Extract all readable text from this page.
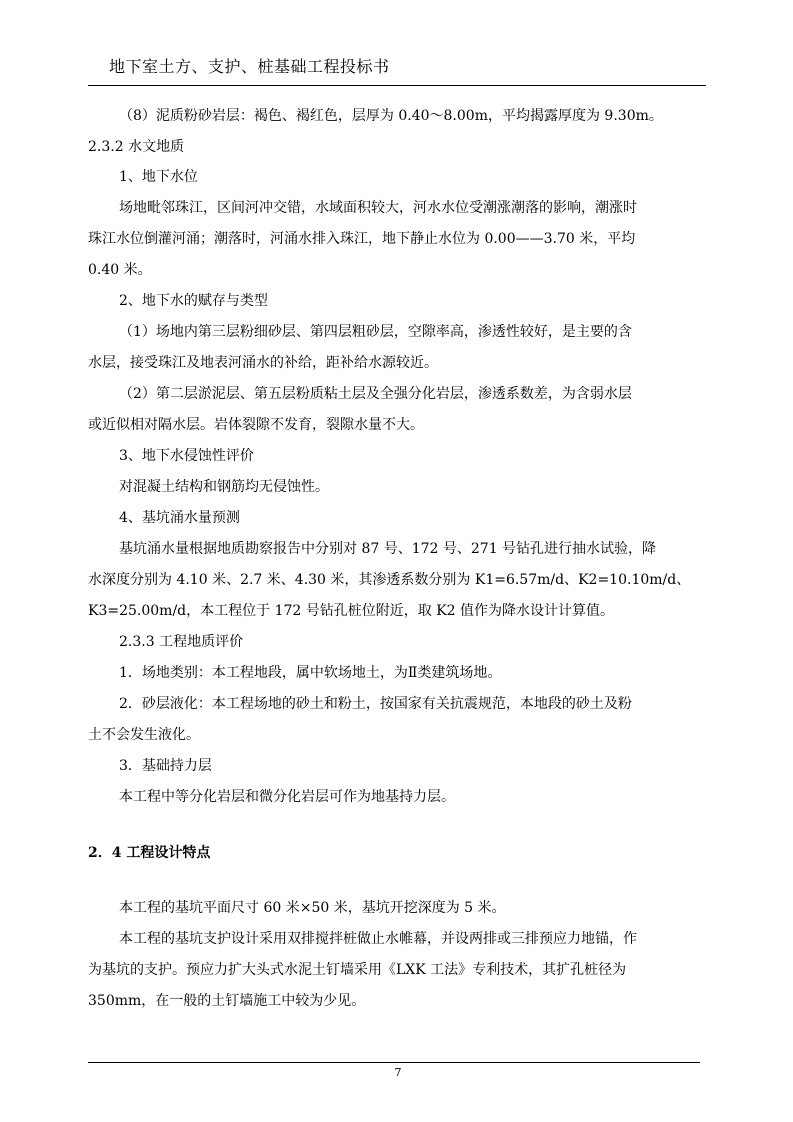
地下室土方、支护、桩基础工程投标书
（8）泥质粉砂岩层：褐色、褐红色，层厚为 0.40～8.00m，平均揭露厚度为 9.30m。
2.3.2 水文地质
1、地下水位
场地毗邻珠江，区间河冲交错，水域面积较大，河水水位受潮涨潮落的影响，潮涨时
珠江水位倒灌河涌；潮落时，河涌水排入珠江，地下静止水位为 0.00——3.70 米，平均
0.40 米。
2、地下水的赋存与类型
（1）场地内第三层粉细砂层、第四层粗砂层，空隙率高，渗透性较好，是主要的含
水层，接受珠江及地表河涌水的补给，距补给水源较近。
（2）第二层淤泥层、第五层粉质粘土层及全强分化岩层，渗透系数差，为含弱水层
或近似相对隔水层。岩体裂隙不发育，裂隙水量不大。
3、地下水侵蚀性评价
对混凝土结构和钢筋均无侵蚀性。
4、基坑涌水量预测
基坑涌水量根据地质勘察报告中分别对 87 号、172 号、271 号钻孔进行抽水试验，降
水深度分别为 4.10 米、2.7 米、4.30 米，其渗透系数分别为 K1=6.57m/d、K2=10.10m/d、
K3=25.00m/d，本工程位于 172 号钻孔桩位附近，取 K2 值作为降水设计计算值。
2.3.3 工程地质评价
1．场地类别：本工程地段，属中软场地土，为Ⅱ类建筑场地。
2．砂层液化：本工程场地的砂土和粉土，按国家有关抗震规范，本地段的砂土及粉
土不会发生液化。
3．基础持力层
本工程中等分化岩层和微分化岩层可作为地基持力层。
2．4 工程设计特点
本工程的基坑平面尺寸 60 米×50 米，基坑开挖深度为 5 米。
本工程的基坑支护设计采用双排搅拌桩做止水帷幕，并设两排或三排预应力地锚，作
为基坑的支护。预应力扩大头式水泥土钉墙采用《LXK 工法》专利技术，其扩孔桩径为
350mm，在一般的土钉墙施工中较为少见。
7
